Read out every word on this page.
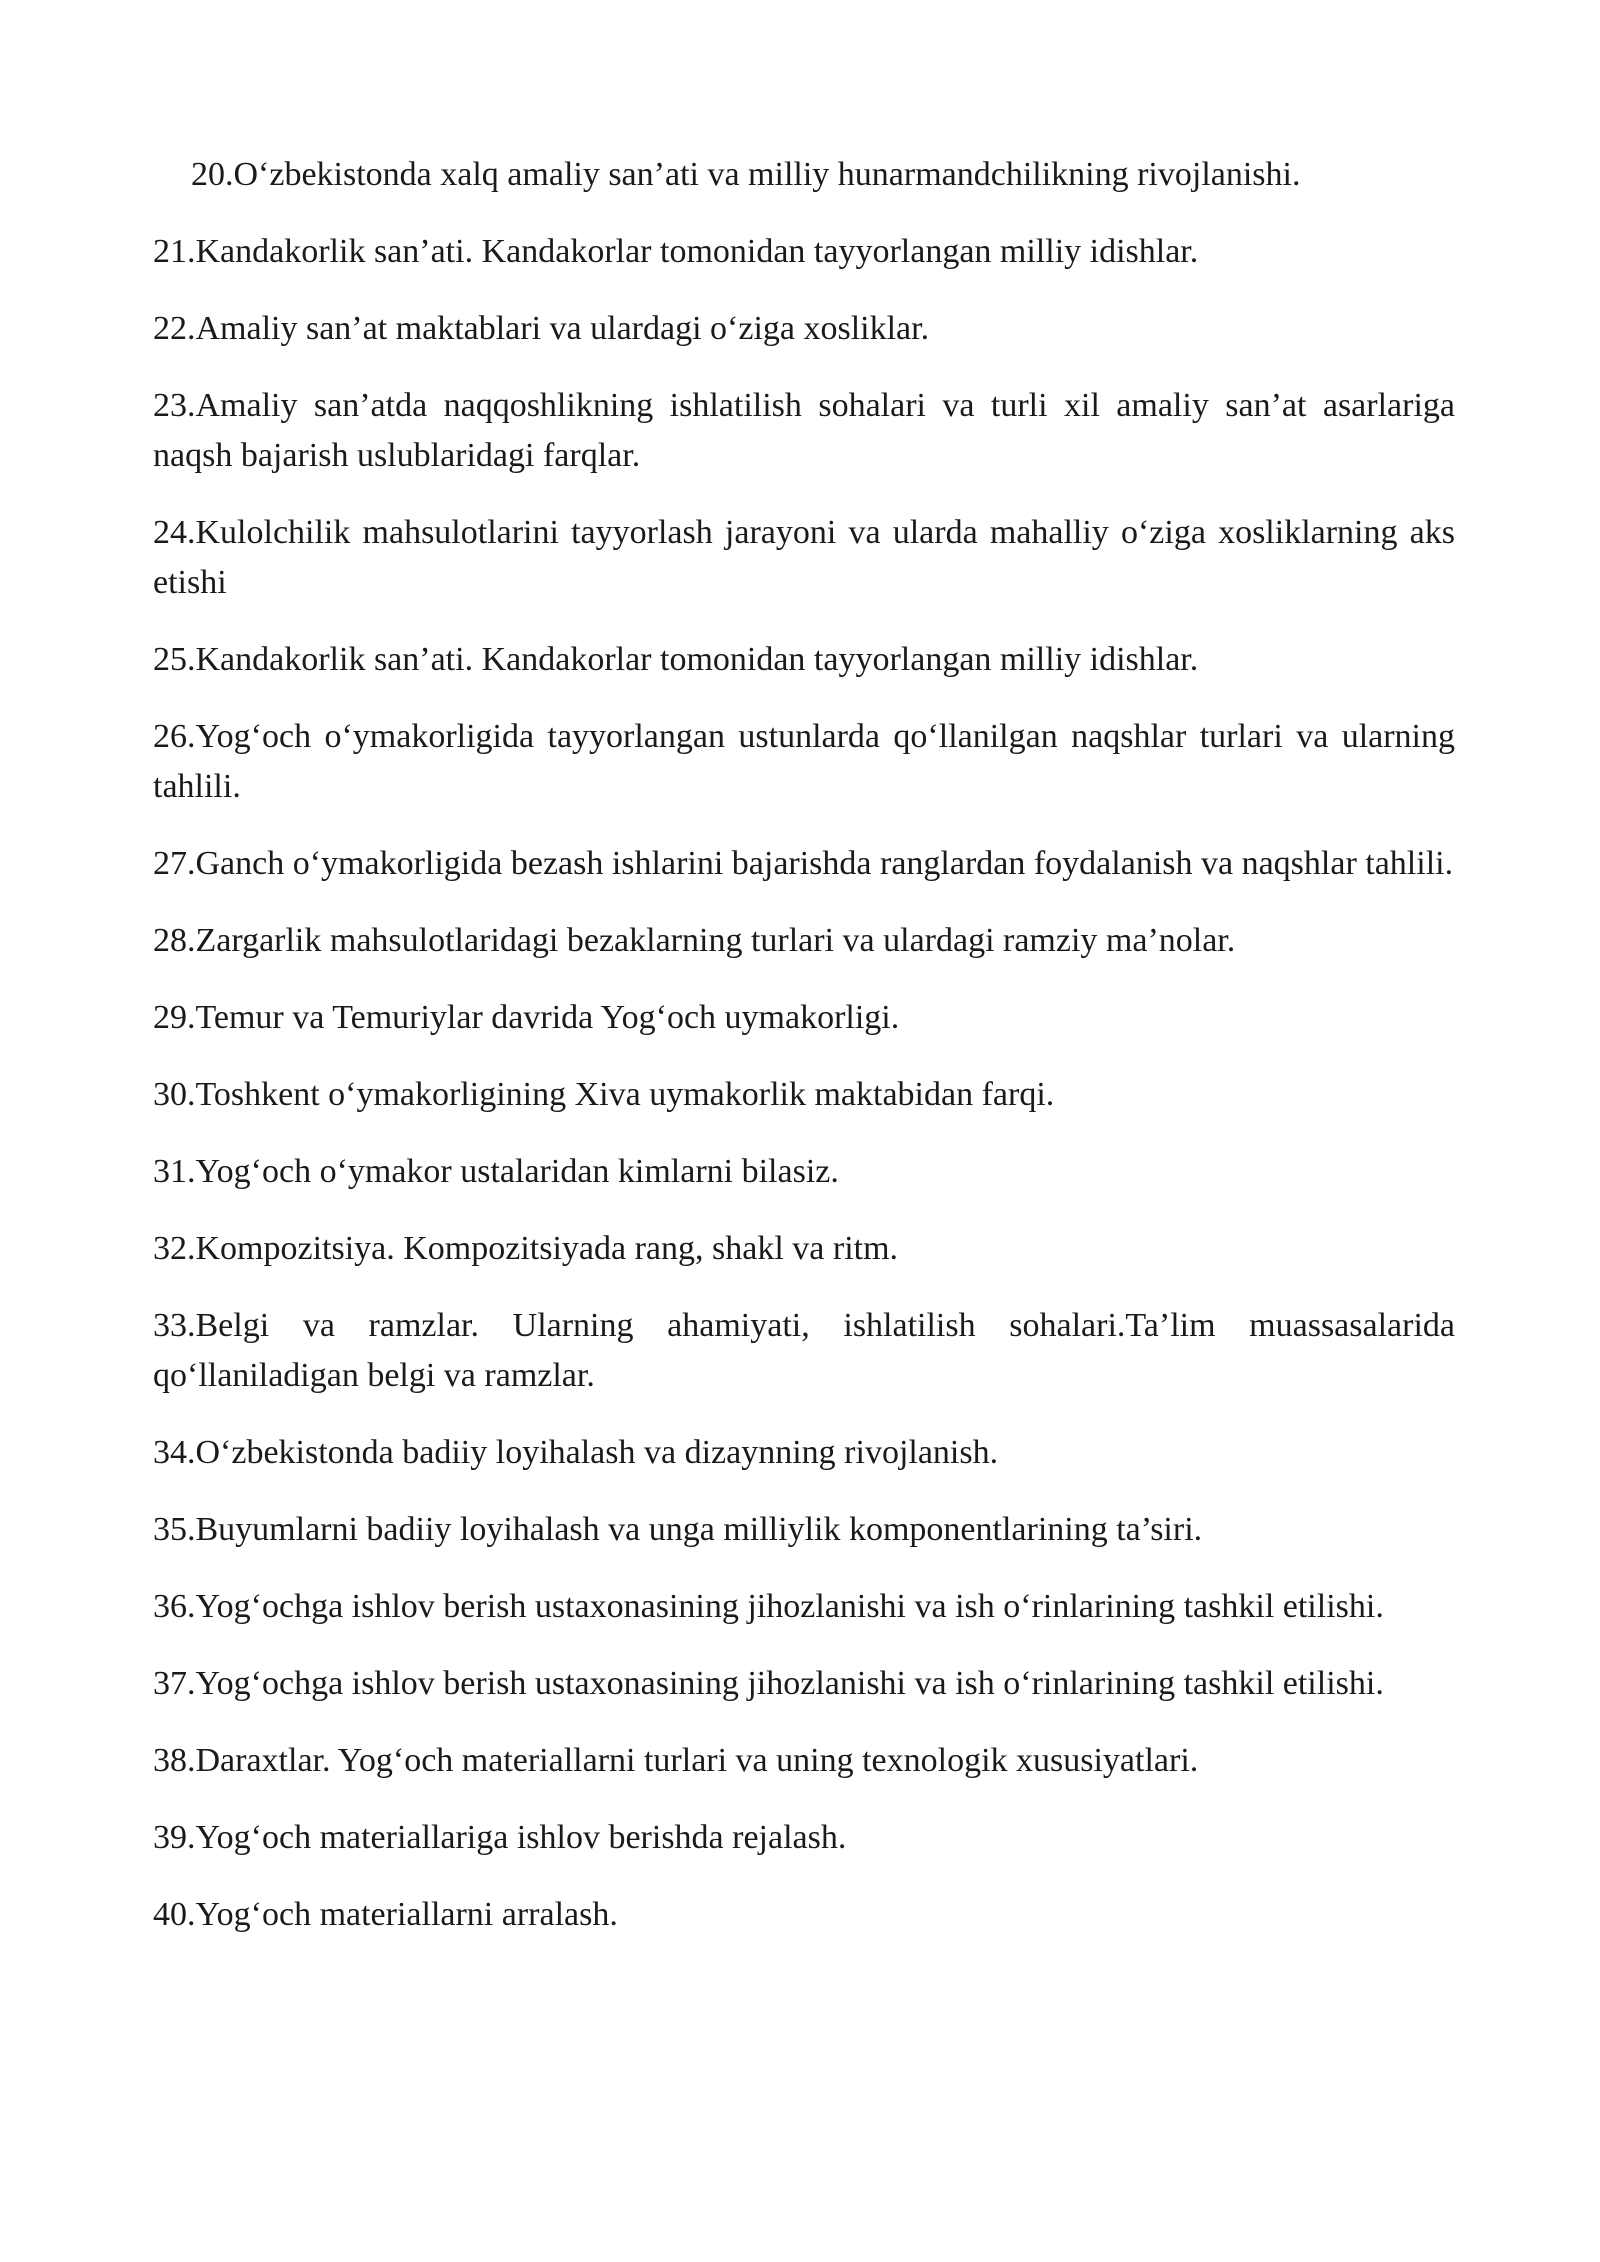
20.O‘zbekistonda xalq amaliy san’ati va milliy hunarmandchilikning rivojlanishi.

21.Kandakorlik san’ati. Kandakorlar tomonidan tayyorlangan milliy idishlar.

22.Amaliy san’at maktablari va ulardagi o‘ziga xosliklar.

23.Amaliy san’atda naqqoshlikning ishlatilish sohalari va turli xil amaliy san’at asarlariga naqsh bajarish uslublaridagi farqlar.

24.Kulolchilik mahsulotlarini tayyorlash jarayoni va ularda mahalliy o‘ziga xosliklarning aks etishi

25.Kandakorlik san’ati. Kandakorlar tomonidan tayyorlangan milliy idishlar.

26.Yog‘och o‘ymakorligida tayyorlangan ustunlarda qo‘llanilgan naqshlar turlari va ularning tahlili.

27.Ganch o‘ymakorligida bezash ishlarini bajarishda ranglardan foydalanish va naqshlar tahlili.

28.Zargarlik mahsulotlaridagi bezaklarning turlari va ulardagi ramziy ma’nolar.

29.Temur va Temuriylar davrida Yog‘och uymakorligi.

30.Toshkent o‘ymakorligining Xiva uymakorlik maktabidan farqi.

31.Yog‘och o‘ymakor ustalaridan kimlarni bilasiz.

32.Kompozitsiya. Kompozitsiyada rang, shakl va ritm.

33.Belgi va ramzlar. Ularning ahamiyati, ishlatilish sohalari.Ta’lim muassasalarida qo‘llaniladigan belgi va ramzlar.

34.O‘zbekistonda badiiy loyihalash va dizaynning rivojlanish.

35.Buyumlarni badiiy loyihalash va unga milliylik komponentlarining ta’siri.

36.Yog‘ochga ishlov berish ustaxonasining jihozlanishi va ish o‘rinlarining tashkil etilishi.

37.Yog‘ochga ishlov berish ustaxonasining jihozlanishi va ish o‘rinlarining tashkil etilishi.

38.Daraxtlar. Yog‘och materiallarni turlari va uning texnologik xususiyatlari.

39.Yog‘och materiallariga ishlov berishda rejalash.

40.Yog‘och materiallarni arralash.
